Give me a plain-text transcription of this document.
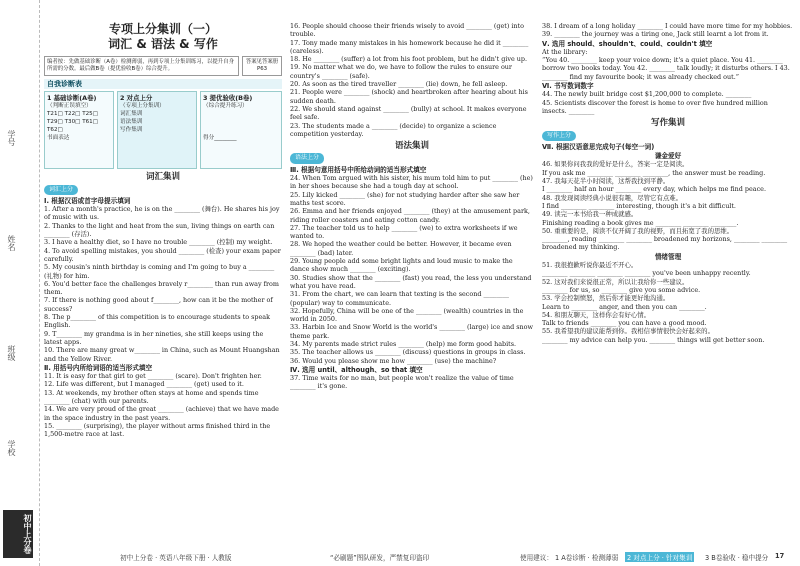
学号
姓名
班级
学校
初中上分卷
专项上分集训（一）
词汇 & 语法 & 写作
编者按：先做基础诊断（A卷）检测薄弱，再到专项上分集训练习，以提升自身所需的分数。最后做B卷（提优验收B卷）综合提升。
答案见答案册 P63
自我诊断表
1 基础诊断(A卷)
（判断正误填空）
T21□ T22□ T25□
T29□ T30□ T61□
T62□
书面表达
2 对点上分
（专项上分集训）
词汇集训
语法集训
写作集训
3 提优验收(B卷)
（综合提升练习）
得分________
词汇集训
词汇上分
Ⅰ. 根据汉语或首字母提示填词
1. After a month's practice, he is on the ________ (舞台). He shares his joy of music with us.
2. Thanks to the light and heat from the sun, living things on earth can ________ (存活).
3. I have a healthy diet, so I have no trouble ________ (控制) my weight.
4. To avoid spelling mistakes, you should ________ (检查) your exam paper carefully.
5. My cousin's ninth birthday is coming and I'm going to buy a ________ (礼物) for him.
6. You'd better face the challenges bravely r________ than run away from them.
7. If there is nothing good about f________, how can it be the mother of success?
8. The p________ of this competition is to encourage students to speak English.
9. T________ my grandma is in her nineties, she still keeps using the latest apps.
10. There are many great w________ in China, such as Mount Huangshan and the Yellow River.
Ⅱ. 用括号内所给词语的适当形式填空
11. It is easy for that girl to get ________ (scare). Don't frighten her.
12. Life was different, but I managed ________ (get) used to it.
13. At weekends, my brother often stays at home and spends time ________ (chat) with our parents.
14. We are very proud of the great ________ (achieve) that we have made in the space industry in the past years.
15. ________ (surprising), the player without arms finished third in the 1,500-metre race at last.
16. People should choose their friends wisely to avoid ________ (get) into trouble.
17. Tony made many mistakes in his homework because he did it ________ (careless).
18. He ________ (suffer) a lot from his foot problem, but he didn't give up.
19. No matter what we do, we have to follow the rules to ensure our country's ________ (safe).
20. As soon as the tired traveller ________ (lie) down, he fell asleep.
21. People were ________ (shock) and heartbroken after hearing about his sudden death.
22. We should stand against ________ (bully) at school. It makes everyone feel safe.
23. The students made a ________ (decide) to organize a science competition yesterday.
语法集训
语法上分
Ⅲ. 根据句意用括号中所给动词的适当形式填空
24. When Tom argued with his sister, his mum told him to put ________ (he) in her shoes because she had a tough day at school.
25. Lily kicked ________ (she) for not studying harder after she saw her maths test score.
26. Emma and her friends enjoyed ________ (they) at the amusement park, riding roller coasters and eating cotton candy.
27. The teacher told us to help ________ (we) to extra worksheets if we wanted to.
28. We hoped the weather could be better. However, it became even ________ (bad) later.
29. Young people add some bright lights and loud music to make the dance show much ________ (exciting).
30. Studies show that the ________ (fast) you read, the less you understand what you have read.
31. From the chart, we can learn that texting is the second ________ (popular) way to communicate.
32. Hopefully, China will be one of the ________ (wealth) countries in the world in 2050.
33. Harbin Ice and Snow World is the world's ________ (large) ice and snow theme park.
34. My parents made strict rules ________ (help) me form good habits.
35. The teacher allows us ________ (discuss) questions in groups in class.
36. Would you please show me how ________ (use) the machine?
Ⅳ. 选用 until、although、so that 填空
37. Time waits for no man, but people won't realize the value of time ________ it's gone.
38. I dream of a long holiday ________ I could have more time for my hobbies.
39. ________ the journey was a tiring one, Jack still learnt a lot from it.
Ⅴ. 选用 should、shouldn't、could、couldn't 填空
At the library:
“You 40. ________ keep your voice down; it's a quiet place. You 41. ________ borrow two books today. You 42. ________ talk loudly; it disturbs others. I 43. ________ find my favourite book; it was already checked out.”
Ⅵ. 书写数词数字
44. The newly built bridge cost $1,200,000 to complete. ________
45. Scientists discover the forest is home to over five hundred million insects. ________
写作集训
写作上分
Ⅶ. 根据汉语意思完成句子(每空一词)
谦金爱好
46. 如果你问我我的爱好是什么，答案一定是阅读。
If you ask me ________ ________ ________, the answer must be reading.
47. 我每天花半小时阅读，这帮我找到平静。
I ________ half an hour ________ every day, which helps me find peace.
48. 我发现阅读经典小说很有趣，尽管它有点难。
I find ________ ________ interesting, though it's a bit difficult.
49. 读完一本书给我一种成就感。
Finishing reading a book gives me ________ ________ ________.
50. 重重要的是，阅读不仅开阔了我的视野，而且拓宽了我的思维。
________, reading ________ ________ broadened my horizons, ________ ________ broadened my thinking.
情绪管理
51. 我很抱歉听说你最近不开心。
________ ________ ________ ________ you've been unhappy recently.
52. 这对我们来说很正常，所以让我给你一些建议。
________ for us, so ________ give you some advice.
53. 学会控制愤怒，然后你才能更好地沟通。
Learn to ________ anger, and then you can ________.
54. 和朋友聊天，这样你会有好心情。
Talk to friends ________ you can have a good mood.
55. 我希望我的建议能帮到你。我相信事情很快会好起来的。
________ my advice can help you. ________ things will get better soon.
初中上分卷 · 英语八年级下册 · 人教版	“必刷题”图队研发，严禁复印盗印	使用建议： 1 A卷诊断 · 检测薄弱	2 对点上分 · 针对集训	3 B卷验收 · 稳中提分 17
